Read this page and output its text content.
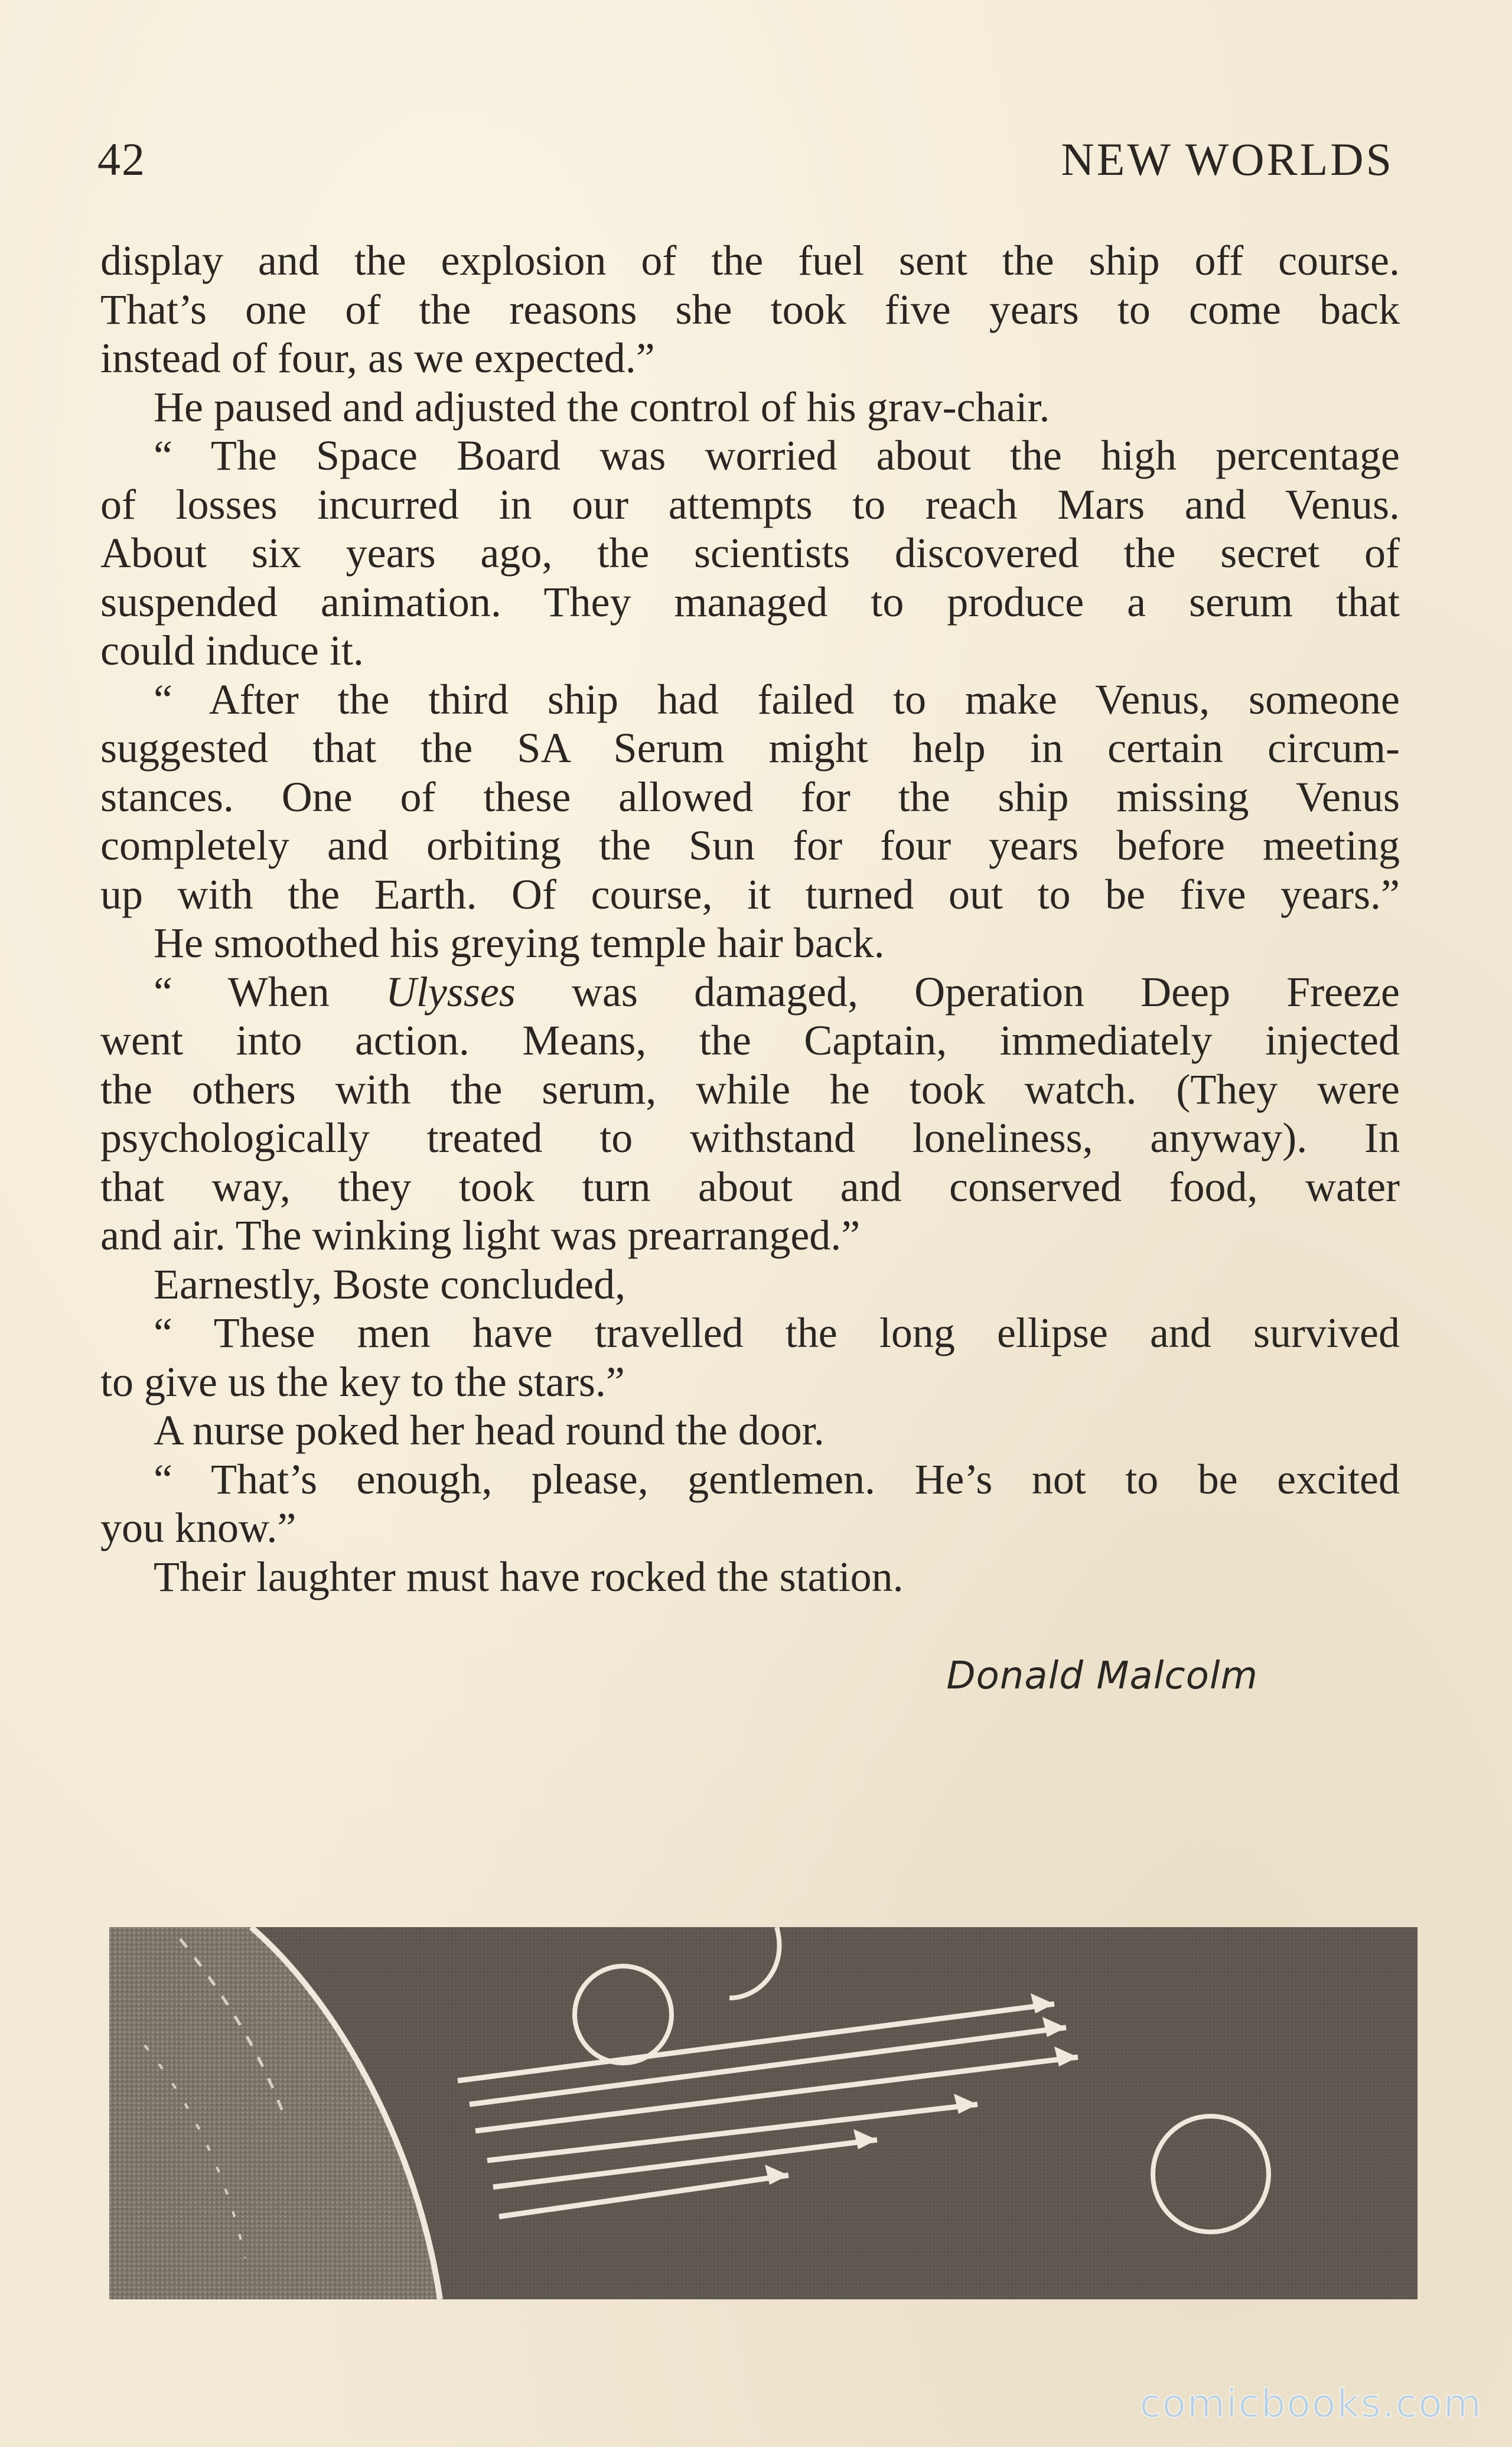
42	NEW WORLDS
display and the explosion of the fuel sent the ship off course.
That’s one of the reasons she took five years to come back
instead of four, as we expected.”
He paused and adjusted the control of his grav-chair.
“ The Space Board was worried about the high percentage
of losses incurred in our attempts to reach Mars and Venus.
About six years ago, the scientists discovered the secret of
suspended animation. They managed to produce a serum that
could induce it.
“ After the third ship had failed to make Venus, someone
suggested that the SA Serum might help in certain circum-
stances. One of these allowed for the ship missing Venus
completely and orbiting the Sun for four years before meeting
up with the Earth. Of course, it turned out to be five years.”
He smoothed his greying temple hair back.
“ When Ulysses was damaged, Operation Deep Freeze
went into action. Means, the Captain, immediately injected
the others with the serum, while he took watch. (They were
psychologically treated to withstand loneliness, anyway). In
that way, they took turn about and conserved food, water
and air. The winking light was prearranged.”
Earnestly, Boste concluded,
“ These men have travelled the long ellipse and survived
to give us the key to the stars.”
A nurse poked her head round the door.
“ That’s enough, please, gentlemen. He’s not to be excited
you know.”
Their laughter must have rocked the station.
Donald Malcolm
comicbooks.com
